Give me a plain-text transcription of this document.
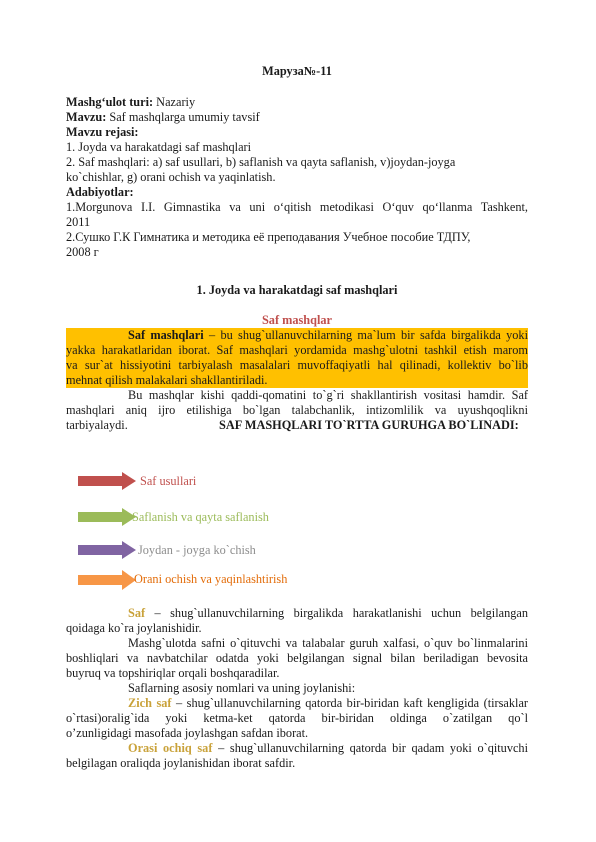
Маруза№-11
Mashg‘ulot turi: Nazariy
Mavzu: Saf mashqlarga umumiy tavsif
Mavzu rejasi:
1. Joyda va harakatdagi saf mashqlari
2. Saf mashqlari: a) saf usullari, b) saflanish va qayta saflanish, v)joydan-joyga
ko`chishlar, g) orani ochish va yaqinlatish.
Adabiyotlar:
1.Morgunova I.I. Gimnastika va uni o‘qitish metodikasi O‘quv qo‘llanma Tashkent,
2011
2.Сушко Г.К Гимнатика и методика её преподавания Учебное пособие ТДПУ,
2008 г
1. Joyda va harakatdagi saf mashqlari
Saf mashqlar
Saf mashqlari – bu shug`ullanuvchilarning ma`lum bir safda birgalikda yoki
yakka harakatlaridan iborat. Saf mashqlari yordamida mashg`ulotni tashkil etish marom
va sur`at hissiyotini tarbiyalash masalalari muvoffaqiyatli hal qilinadi, kollektiv bo`lib
mehnat qilish malakalari shakllantiriladi.
Bu mashqlar kishi qaddi-qomatini to`g`ri shakllantirish vositasi hamdir. Saf
mashqlari aniq ijro etilishiga bo`lgan talabchanlik, intizomlilik va uyushqoqlikni
tarbiyalaydi.	SAF MASHQLARI TO`RTTA GURUHGA BO`LINADI:
Saf usullari
Saflanish va qayta saflanish
Joydan - joyga ko`chish
Orani ochish va yaqinlashtirish
Saf – shug`ullanuvchilarning birgalikda harakatlanishi uchun belgilangan
qoidaga ko`ra joylanishidir.
Mashg`ulotda safni o`qituvchi va talabalar guruh xalfasi, o`quv bo`linmalarini
boshliqlari va navbatchilar odatda yoki belgilangan signal bilan beriladigan bevosita
buyruq va topshiriqlar orqali boshqaradilar.
Saflarning asosiy nomlari va uning joylanishi:
Zich saf – shug`ullanuvchilarning qatorda bir-biridan kaft kengligida (tirsaklar
o`rtasi)oralig`ida yoki ketma-ket qatorda bir-biridan oldinga o`zatilgan qo`l
o’zunligidagi masofada joylashgan safdan iborat.
Orasi ochiq saf – shug`ullanuvchilarning qatorda bir qadam yoki o`qituvchi
belgilagan oraliqda joylanishidan iborat safdir.
